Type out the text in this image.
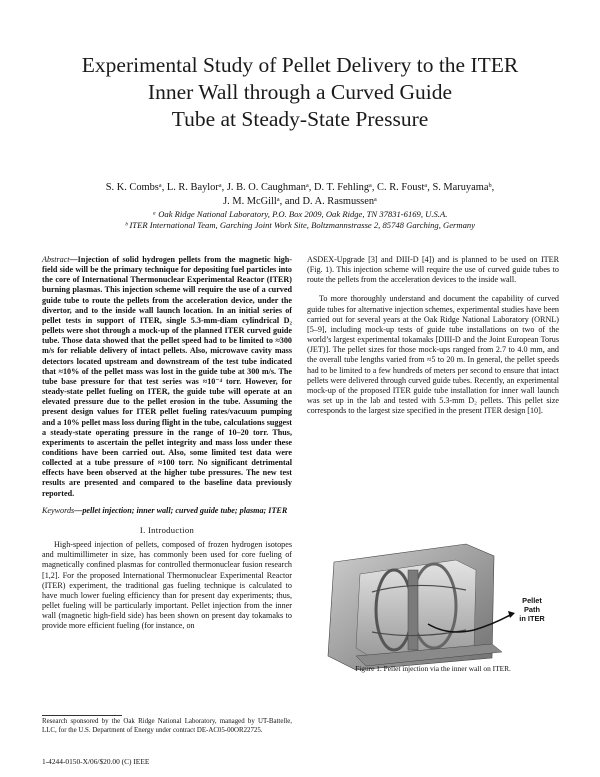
Experimental Study of Pellet Delivery to the ITER
Inner Wall through a Curved Guide
Tube at Steady-State Pressure
S. K. Combsᵃ, L. R. Baylorᵃ, J. B. O. Caughmanᵃ, D. T. Fehlingᵃ, C. R. Foustᵃ, S. Maruyamaᵇ,
J. M. McGillᵃ, and D. A. Rasmussenᵃ
ᵃ Oak Ridge National Laboratory, P.O. Box 2009, Oak Ridge, TN 37831-6169, U.S.A.
ᵇ ITER International Team, Garching Joint Work Site, Boltzmannstrasse 2, 85748 Garching, Germany

Abstract—Injection of solid hydrogen pellets from the magnetic high-field side will be the primary technique for depositing fuel particles into the core of International Thermonuclear Experimental Reactor (ITER) burning plasmas. This injection scheme will require the use of a curved guide tube to route the pellets from the acceleration device, under the divertor, and to the inside wall launch location. In an initial series of pellet tests in support of ITER, single 5.3-mm-diam cylindrical D₂ pellets were shot through a mock-up of the planned ITER curved guide tube. Those data showed that the pellet speed had to be limited to ≈300 m/s for reliable delivery of intact pellets. Also, microwave cavity mass detectors located upstream and downstream of the test tube indicated that ≈10% of the pellet mass was lost in the guide tube at 300 m/s. The tube base pressure for that test series was ≈10⁻⁴ torr. However, for steady-state pellet fueling on ITER, the guide tube will operate at an elevated pressure due to the pellet erosion in the tube. Assuming the present design values for ITER pellet fueling rates/vacuum pumping and a 10% pellet mass loss during flight in the tube, calculations suggest a steady-state operating pressure in the range of 10–20 torr. Thus, experiments to ascertain the pellet integrity and mass loss under these conditions have been carried out. Also, some limited test data were collected at a tube pressure of ≈100 torr. No significant detrimental effects have been observed at the higher tube pressures. The new test results are presented and compared to the baseline data previously reported.

Keywords—pellet injection; inner wall; curved guide tube; plasma; ITER

I. Introduction

High-speed injection of pellets, composed of frozen hydrogen isotopes and multimillimeter in size, has commonly been used for core fueling of magnetically confined plasmas for controlled thermonuclear fusion research [1,2]. For the proposed International Thermonuclear Experimental Reactor (ITER) experiment, the traditional gas fueling technique is calculated to have much lower fueling efficiency than for present day experiments; thus, pellet fueling will be particularly important. Pellet injection from the inner wall (magnetic high-field side) has been shown on present day tokamaks to provide more efficient fueling (for instance, on

ASDEX-Upgrade [3] and DIII-D [4]) and is planned to be used on ITER (Fig. 1). This injection scheme will require the use of curved guide tubes to route the pellets from the acceleration devices to the inside wall.

To more thoroughly understand and document the capability of curved guide tubes for alternative injection schemes, experimental studies have been carried out for several years at the Oak Ridge National Laboratory (ORNL) [5–9], including mock-up tests of guide tube installations on two of the world’s largest experimental tokamaks [DIII-D and the Joint European Torus (JET)]. The pellet sizes for those mock-ups ranged from 2.7 to 4.0 mm, and the overall tube lengths varied from ≈5 to 20 m. In general, the pellet speeds had to be limited to a few hundreds of meters per second to ensure that intact pellets were delivered through curved guide tubes. Recently, an experimental mock-up of the proposed ITER guide tube installation for inner wall launch was set up in the lab and tested with 5.3-mm D₂ pellets. This pellet size corresponds to the largest size specified in the present ITER design [10].

Pellet
Path
in ITER
Figure 1. Pellet injection via the inner wall on ITER.
Research sponsored by the Oak Ridge National Laboratory, managed by UT-Battelle, LLC, for the U.S. Department of Energy under contract DE-AC05-00OR22725.
1-4244-0150-X/06/$20.00 (C) IEEE
